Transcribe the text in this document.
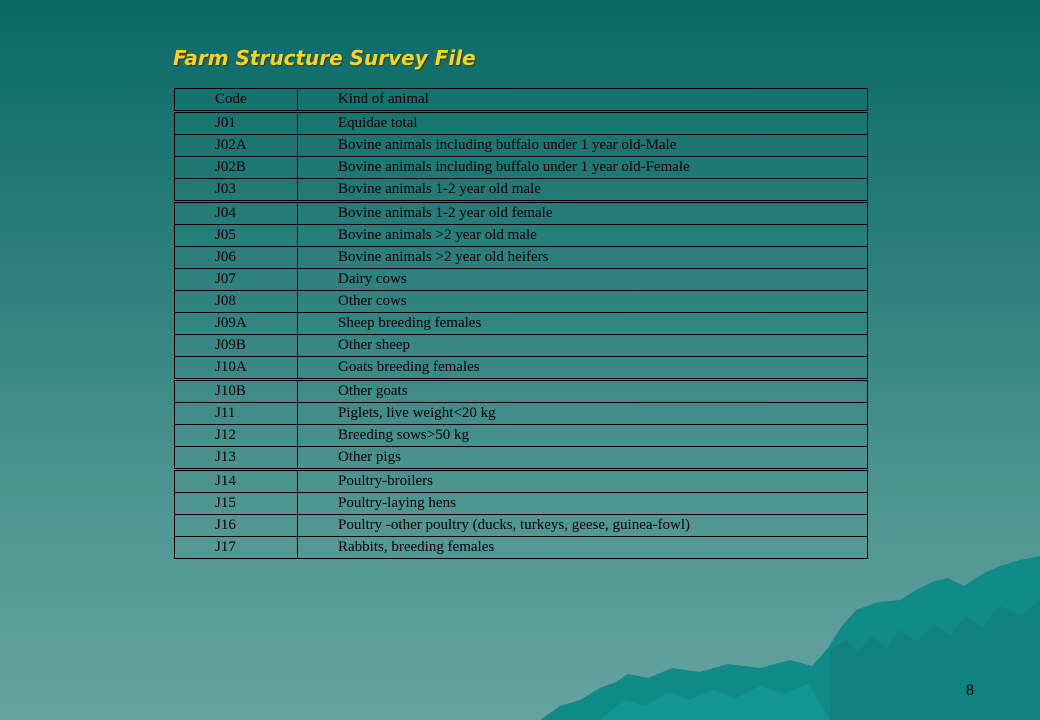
Farm Structure Survey File
Code	Kind of animal
J01	Equidae total
J02A	Bovine animals including buffalo under 1 year old-Male
J02B	Bovine animals including buffalo under 1 year old-Female
J03	Bovine animals 1-2 year old male
J04	Bovine animals 1-2 year old female
J05	Bovine animals >2 year old male
J06	Bovine animals >2 year old heifers
J07	Dairy cows
J08	Other cows
J09A	Sheep breeding females
J09B	Other sheep
J10A	Goats breeding females
J10B	Other goats
J11	Piglets, live weight<20 kg
J12	Breeding sows>50 kg
J13	Other pigs
J14	Poultry-broilers
J15	Poultry-laying hens
J16	Poultry -other poultry (ducks, turkeys, geese, guinea-fowl)
J17	Rabbits, breeding females
8
